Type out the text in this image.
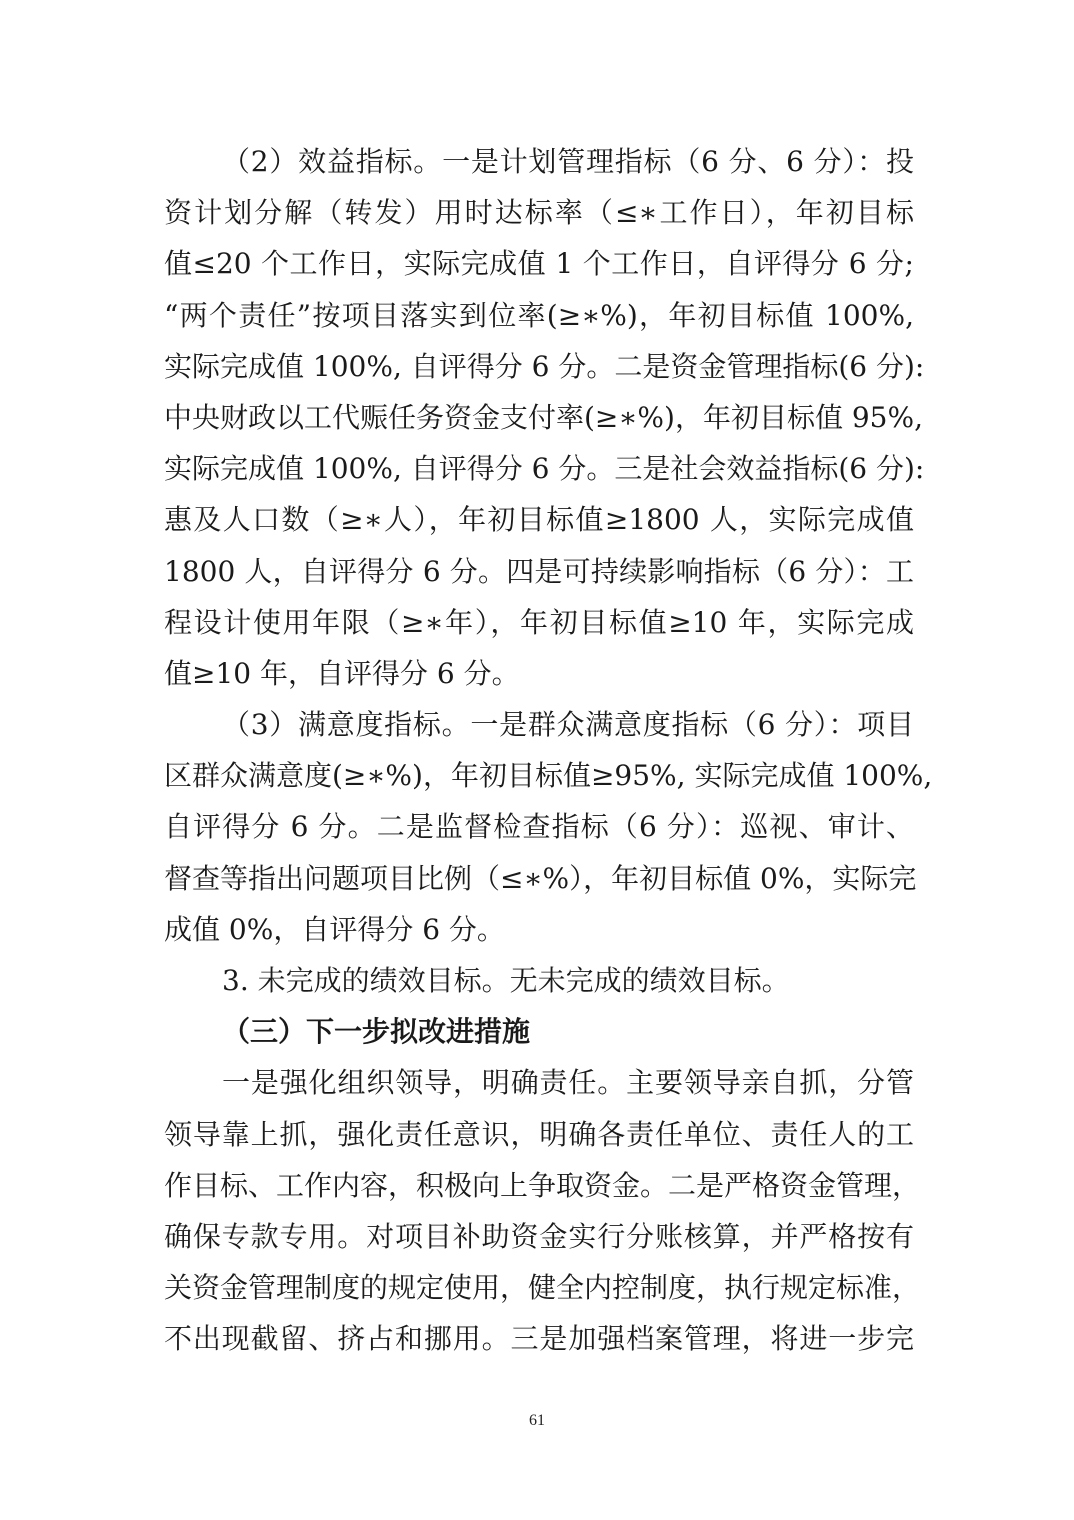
（2）效益指标。一是计划管理指标（6 分、6 分）：投
资计划分解（转发）用时达标率（≤∗工作日），年初目标
值≤20 个工作日，实际完成值 1 个工作日，自评得分 6 分;
“两个责任”按项目落实到位率(≥∗%)，年初目标值 100%,
实际完成值 100%, 自评得分 6 分。二是资金管理指标(6 分):
中央财政以工代赈任务资金支付率(≥∗%)，年初目标值 95%,
实际完成值 100%, 自评得分 6 分。三是社会效益指标(6 分):
惠及人口数（≥∗人），年初目标值≥1800 人，实际完成值
1800 人，自评得分 6 分。四是可持续影响指标（6 分）：工
程设计使用年限（≥∗年），年初目标值≥10 年，实际完成
值≥10 年，自评得分 6 分。
（3）满意度指标。一是群众满意度指标（6 分）：项目
区群众满意度(≥∗%)，年初目标值≥95%, 实际完成值 100%,
自评得分 6 分。二是监督检查指标（6 分）：巡视、审计、
督查等指出问题项目比例（≤∗%），年初目标值 0%，实际完
成值 0%，自评得分 6 分。
3. 未完成的绩效目标。无未完成的绩效目标。
（三）下一步拟改进措施
一是强化组织领导，明确责任。主要领导亲自抓，分管
领导靠上抓，强化责任意识，明确各责任单位、责任人的工
作目标、工作内容，积极向上争取资金。二是严格资金管理，
确保专款专用。对项目补助资金实行分账核算，并严格按有
关资金管理制度的规定使用，健全内控制度，执行规定标准，
不出现截留、挤占和挪用。三是加强档案管理，将进一步完
61
